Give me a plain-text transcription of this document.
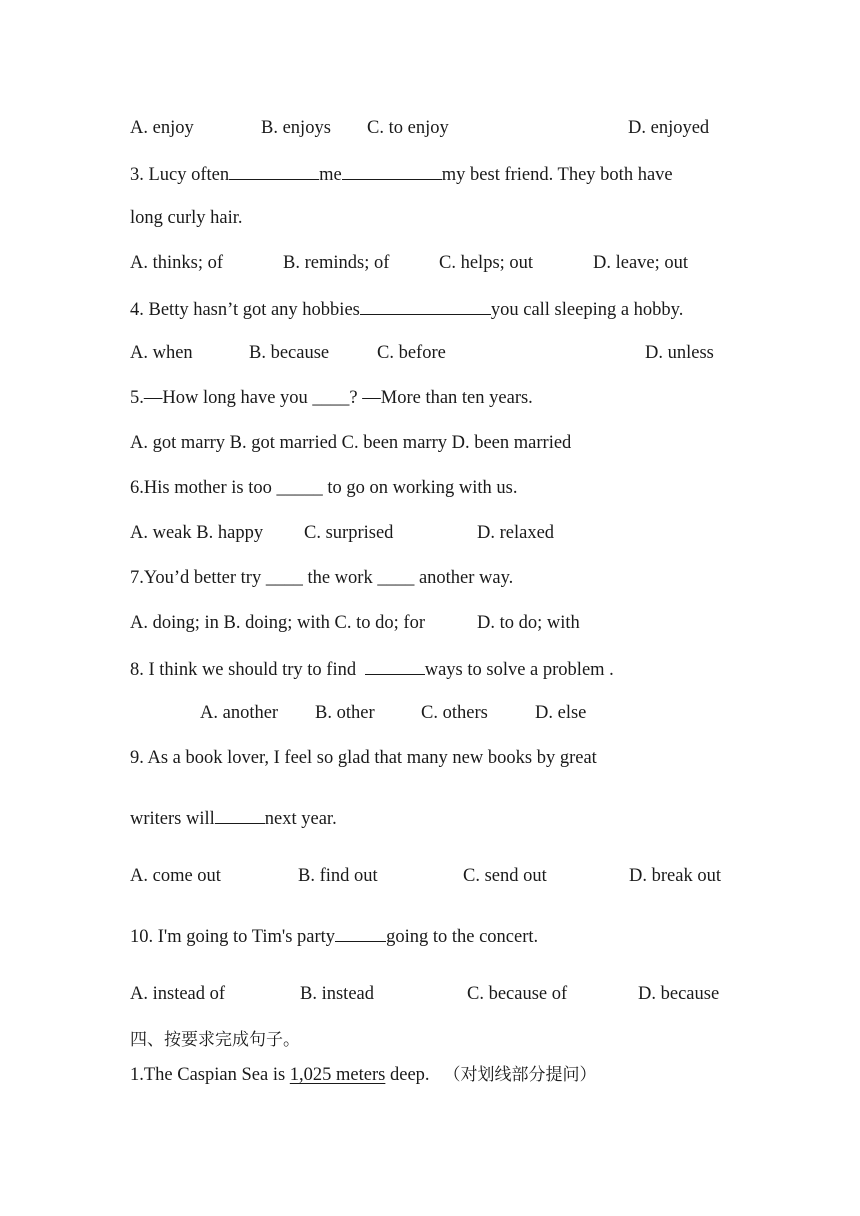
A. enjoy	B. enjoys C. to enjoy	D. enjoyed
3. Lucy often	me	my best friend. They both have
long curly hair.
A. thinks; of	B. reminds; of	C. helps; out	D. leave; out
4. Betty hasn’t got any hobbies	you call sleeping a hobby.
A. when	B. because	C. before	D. unless
5.—How long have you ____? —More than ten years.
A. got marry B. got married C. been marry D. been married
6.His mother is too _____ to go on working with us.
A. weak B. happy C. surprised	D. relaxed
7.You’d better try ____ the work ____ another way.
A. doing; in B. doing; with C. to do; for	D. to do; with
8. I think we should try to find	ways to solve a problem .
A. another B. other	C. others	D. else
9. As a book lover, I feel so glad that many new books by great
writers will	next year.
A. come out	B. find out	C. send out	D. break out
10. I'm going to Tim's party	going to the concert.
A. instead of	B. instead	C. because of	D. because
四、按要求完成句子。
1.The Caspian Sea is 1,025 meters deep. （对划线部分提问）
